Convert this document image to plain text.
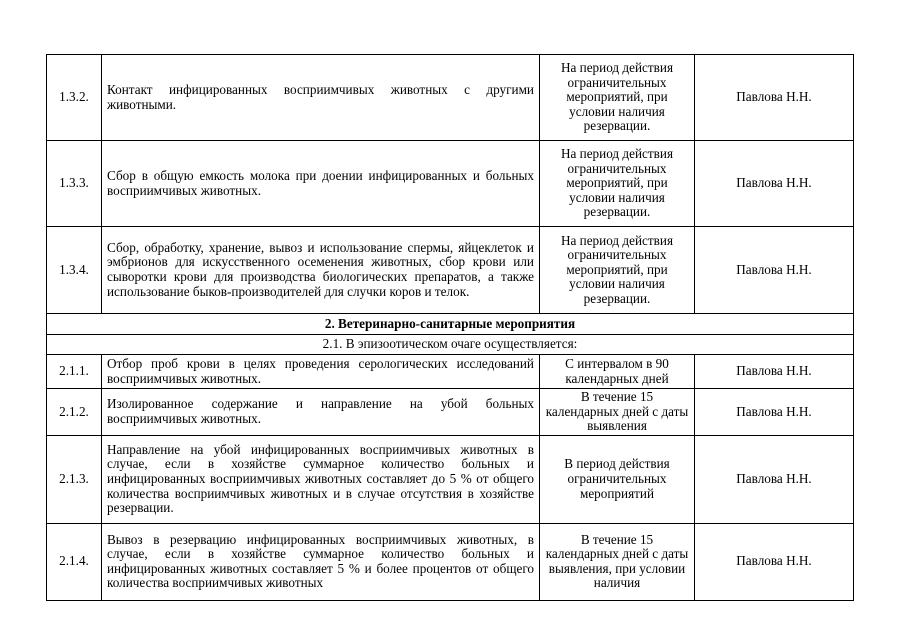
1.3.2.	Контакт инфицированных восприимчивых животных с другими животными.	На период действия ограничительных мероприятий, при условии наличия резервации.	Павлова Н.Н.
1.3.3.	Сбор в общую емкость молока при доении инфицированных и больных восприимчивых животных.	На период действия ограничительных мероприятий, при условии наличия резервации.	Павлова Н.Н.
1.3.4.	Сбор, обработку, хранение, вывоз и использование спермы, яйцеклеток и эмбрионов для искусственного осеменения животных, сбор крови или сыворотки крови для производства биологических препаратов, а также использование быков-производителей для случки коров и телок.	На период действия ограничительных мероприятий, при условии наличия резервации.	Павлова Н.Н.
2. Ветеринарно-санитарные мероприятия			
2.1. В эпизоотическом очаге осуществляется:			
2.1.1.	Отбор проб крови в целях проведения серологических исследований восприимчивых животных.	С интервалом в 90 календарных дней	Павлова Н.Н.
2.1.2.	Изолированное содержание и направление на убой больных восприимчивых животных.	В течение 15 календарных дней с даты выявления	Павлова Н.Н.
2.1.3.	Направление на убой инфицированных восприимчивых животных в случае, если в хозяйстве суммарное количество больных и инфицированных восприимчивых животных составляет до 5 % от общего количества восприимчивых животных и в случае отсутствия в хозяйстве резервации.	В период действия ограничительных мероприятий	Павлова Н.Н.
2.1.4.	Вывоз в резервацию инфицированных восприимчивых животных, в случае, если в хозяйстве суммарное количество больных и инфицированных животных составляет 5 % и более процентов от общего количества восприимчивых животных	В течение 15 календарных дней с даты выявления, при условии наличия	Павлова Н.Н.
